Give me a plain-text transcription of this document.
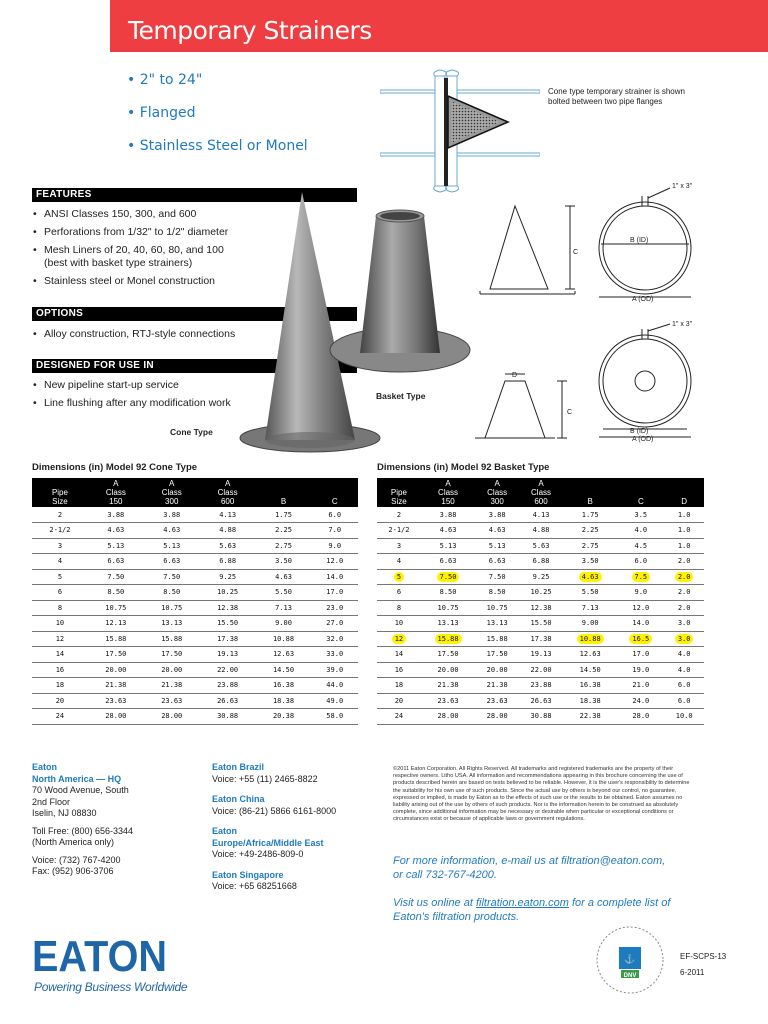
Temporary Strainers
• 2" to 24"
• Flanged
• Stainless Steel or Monel
Cone type temporary strainer is shown bolted between two pipe flanges
FEATURES
• ANSI Classes 150, 300, and 600
• Perforations from 1/32" to 1/2" diameter
• Mesh Liners of 20, 40, 60, 80, and 100
(best with basket type strainers)
• Stainless steel or Monel construction
OPTIONS
• Alloy construction, RTJ-style connections
DESIGNED FOR USE IN
• New pipeline start-up service
• Line flushing after any modification work
Cone Type
Basket Type
C
B (ID)
A (OD)
1" x 3"
D
C
1" x 3"
B (ID)
A (OD)
Dimensions (in) Model 92 Cone Type	Dimensions (in) Model 92 Basket Type
Pipe
Size	A
Class
150	A
Class
300	A
Class
600	B	C
2	3.88	3.88	4.13	1.75	6.0
2-1/2	4.63	4.63	4.88	2.25	7.0
3	5.13	5.13	5.63	2.75	9.0
4	6.63	6.63	6.88	3.50	12.0
5	7.50	7.50	9.25	4.63	14.0
6	8.50	8.50	10.25	5.50	17.0
8	10.75	10.75	12.38	7.13	23.0
10	12.13	13.13	15.50	9.00	27.0
12	15.88	15.88	17.38	10.88	32.0
14	17.50	17.50	19.13	12.63	33.0
16	20.00	20.00	22.00	14.50	39.0
18	21.38	21.38	23.88	16.38	44.0
20	23.63	23.63	26.63	18.38	49.0
24	28.00	28.00	30.88	20.38	58.0
Pipe
Size	A
Class
150	A
Class
300	A
Class
600	B	C	D
2	3.88	3.88	4.13	1.75	3.5	1.0
2-1/2	4.63	4.63	4.88	2.25	4.0	1.0
3	5.13	5.13	5.63	2.75	4.5	1.0
4	6.63	6.63	6.88	3.50	6.0	2.0
5	7.50	7.50	9.25	4.63	7.5	2.0
6	8.50	8.50	10.25	5.50	9.0	2.0
8	10.75	10.75	12.38	7.13	12.0	2.0
10	13.13	13.13	15.50	9.00	14.0	3.0
12	15.88	15.88	17.38	10.88	16.5	3.0
14	17.50	17.50	19.13	12.63	17.0	4.0
16	20.00	20.00	22.00	14.50	19.0	4.0
18	21.38	21.38	23.88	16.38	21.0	6.0
20	23.63	23.63	26.63	18.38	24.0	6.0
24	28.00	28.00	30.88	22.38	28.0	10.0
Eaton
North America — HQ
70 Wood Avenue, South
2nd Floor
Iselin, NJ 08830
Toll Free: (800) 656-3344
(North America only)
Voice: (732) 767-4200
Fax: (952) 906-3706
Eaton Brazil
Voice: +55 (11) 2465-8822
Eaton China
Voice: (86-21) 5866 6161-8000
Eaton
Europe/Africa/Middle East
Voice: +49-2486-809-0
Eaton Singapore
Voice: +65 68251668
©2011 Eaton Corporation. All Rights Reserved. All trademarks and registered trademarks are the property of their respective owners. Litho USA. All information and recommendations appearing in this brochure concerning the use of products described herein are based on tests believed to be reliable. However, it is the user's responsibility to determine the suitability for his own use of such products. Since the actual use by others is beyond our control, no guarantee, expressed or implied, is made by Eaton as to the effects of such use or the results to be obtained. Eaton assumes no liability arising out of the use by others of such products. Nor is the information herein to be construed as absolutely complete, since additional information may be necessary or desirable when particular or exceptional conditions or circumstances exist or because of applicable laws or government regulations.
For more information, e-mail us at filtration@eaton.com,
or call 732-767-4200.
Visit us online at filtration.eaton.com for a complete list of
Eaton's filtration products.
EATON
Powering Business Worldwide
⚓
DNV
EF-SCPS-13
6-2011
